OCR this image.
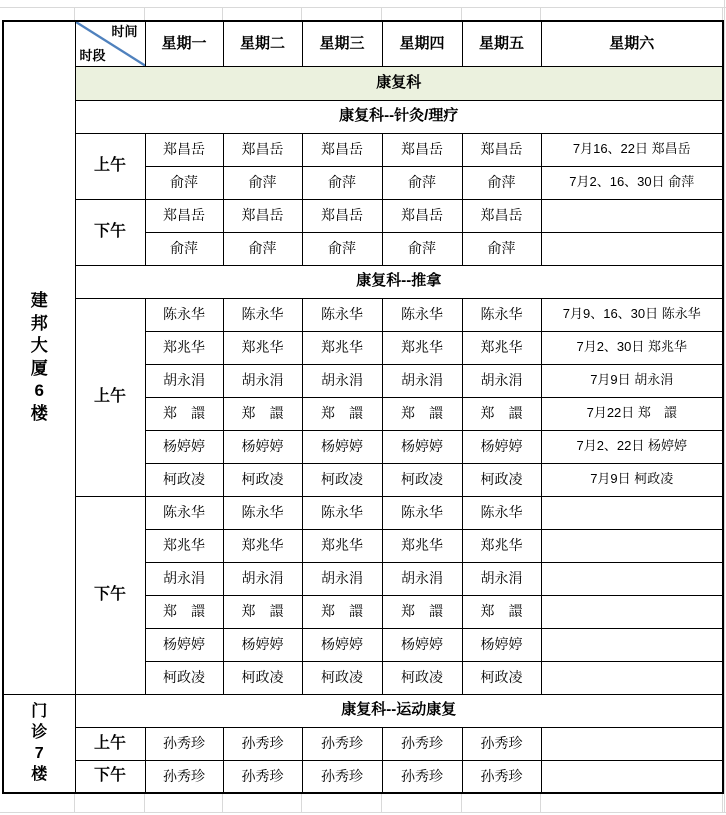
建
邦
大
厦
6
楼

时间
时段
	星期一	星期二	星期三	星期四	星期五	星期六
	康复科						
	康复科--针灸/理疗						
	上午	郑昌岳	郑昌岳	郑昌岳	郑昌岳	郑昌岳	7月16、22日 郑昌岳
		俞萍	俞萍	俞萍	俞萍	俞萍	7月2、16、30日 俞萍
	下午	郑昌岳	郑昌岳	郑昌岳	郑昌岳	郑昌岳	
		俞萍	俞萍	俞萍	俞萍	俞萍	
	康复科--推拿						
	上午	陈永华	陈永华	陈永华	陈永华	陈永华	7月9、16、30日 陈永华
		郑兆华	郑兆华	郑兆华	郑兆华	郑兆华	7月2、30日 郑兆华
		胡永涓	胡永涓	胡永涓	胡永涓	胡永涓	7月9日 胡永涓
		郑　譞	郑　譞	郑　譞	郑　譞	郑　譞	7月22日 郑　譞
		杨婷婷	杨婷婷	杨婷婷	杨婷婷	杨婷婷	7月2、22日 杨婷婷
		柯政凌	柯政凌	柯政凌	柯政凌	柯政凌	7月9日 柯政凌
	下午	陈永华	陈永华	陈永华	陈永华	陈永华	
		郑兆华	郑兆华	郑兆华	郑兆华	郑兆华	
		胡永涓	胡永涓	胡永涓	胡永涓	胡永涓	
		郑　譞	郑　譞	郑　譞	郑　譞	郑　譞	
		杨婷婷	杨婷婷	杨婷婷	杨婷婷	杨婷婷	
		柯政凌	柯政凌	柯政凌	柯政凌	柯政凌	

门
诊
7
楼	康复科--运动康复						
	上午	孙秀珍	孙秀珍	孙秀珍	孙秀珍	孙秀珍	
	下午	孙秀珍	孙秀珍	孙秀珍	孙秀珍	孙秀珍	
